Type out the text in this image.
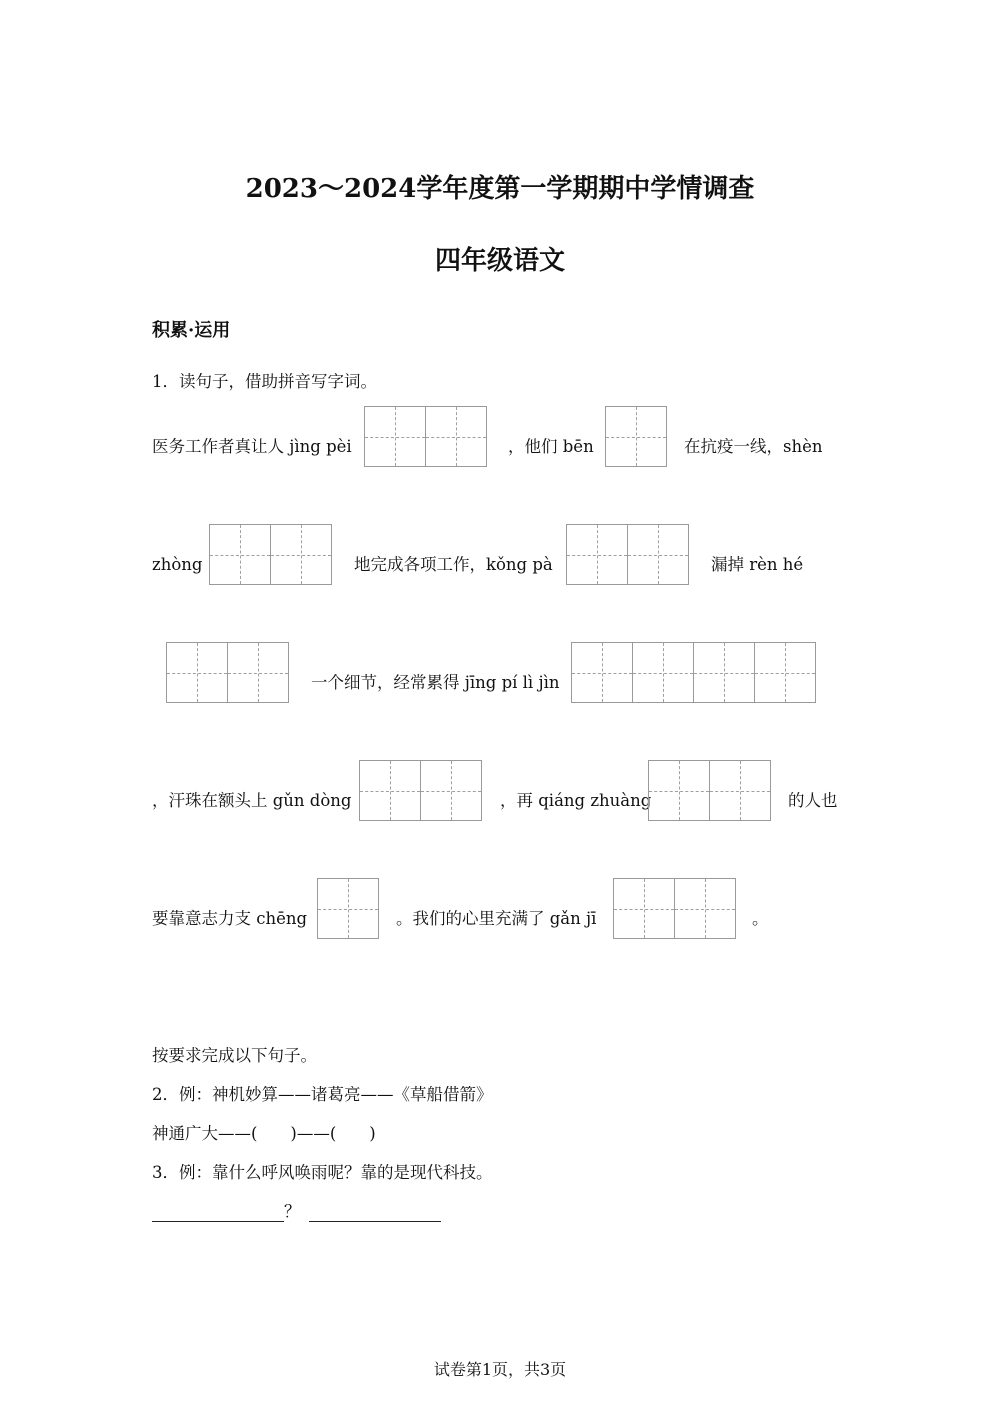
2023～2024学年度第一学期期中学情调查
四年级语文
积累·运用
1．读句子，借助拼音写字词。
医务工作者真让人 jìng pèi	，他们 bēn	在抗疫一线，shèn
zhòng	地完成各项工作，kǒng pà	漏掉 rèn hé
一个细节，经常累得 jīng pí lì jìn
，汗珠在额头上 gǔn dòng	，再 qiáng zhuàng	的人也
要靠意志力支 chēng	。我们的心里充满了 gǎn jī	。
按要求完成以下句子。
2．例：神机妙算——诸葛亮——《草船借箭》
神通广大——(　　)——(　　)
3．例：靠什么呼风唤雨呢？靠的是现代科技。
？
试卷第1页，共3页
